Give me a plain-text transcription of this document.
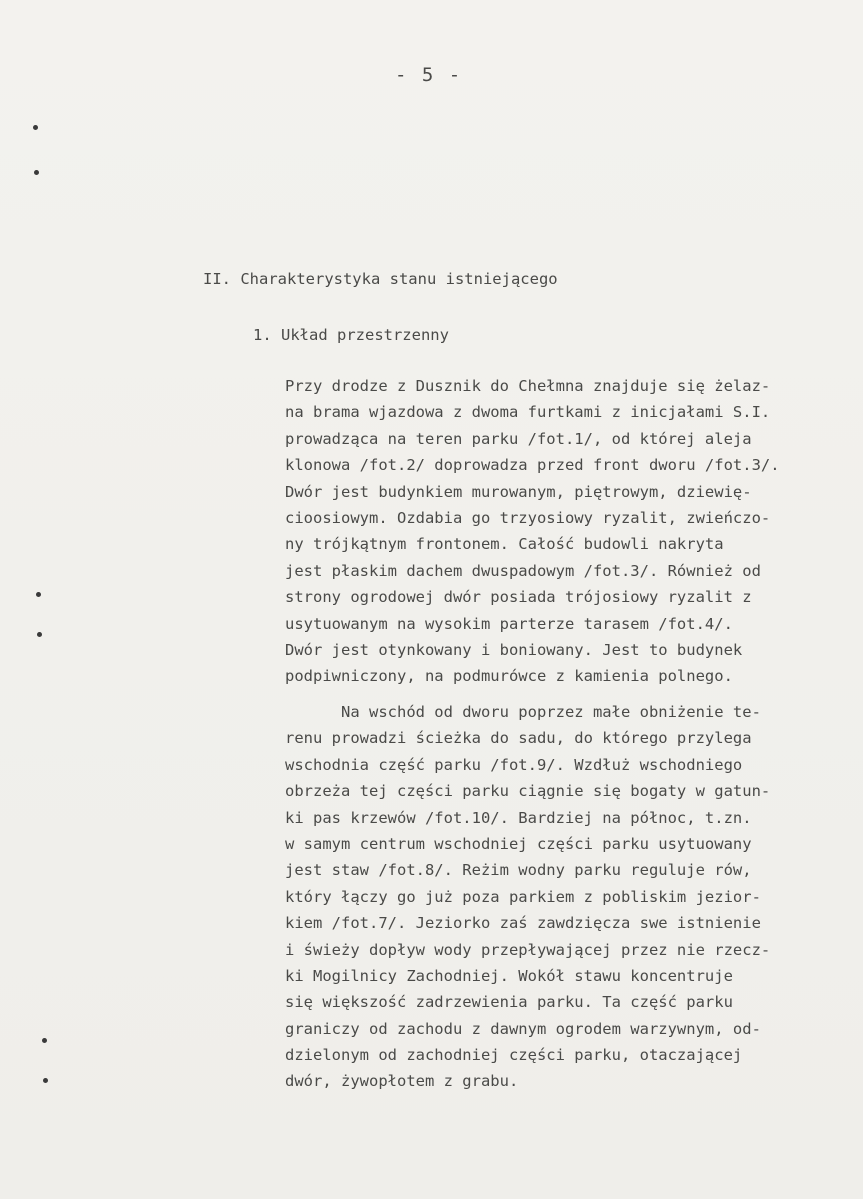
- 5 -
II. Charakterystyka stanu istniejącego
1. Układ przestrzenny
Przy drodze z Dusznik do Chełmna znajduje się żelaz-
na brama wjazdowa z dwoma furtkami z inicjałami S.I.
prowadząca na teren parku /fot.1/, od której aleja
klonowa /fot.2/ doprowadza przed front dworu /fot.3/.
Dwór jest budynkiem murowanym, piętrowym, dziewię-
cioosiowym. Ozdabia go trzyosiowy ryzalit, zwieńczo-
ny trójkątnym frontonem. Całość budowli nakryta
jest płaskim dachem dwuspadowym /fot.3/. Również od
strony ogrodowej dwór posiada trójosiowy ryzalit z
usytuowanym na wysokim parterze tarasem /fot.4/.
Dwór jest otynkowany i boniowany. Jest to budynek
podpiwniczony, na podmurówce z kamienia polnego.
Na wschód od dworu poprzez małe obniżenie te-
renu prowadzi ścieżka do sadu, do którego przylega
wschodnia część parku /fot.9/. Wzdłuż wschodniego
obrzeża tej części parku ciągnie się bogaty w gatun-
ki pas krzewów /fot.10/. Bardziej na północ, t.zn.
w samym centrum wschodniej części parku usytuowany
jest staw /fot.8/. Reżim wodny parku reguluje rów,
który łączy go już poza parkiem z pobliskim jezior-
kiem /fot.7/. Jeziorko zaś zawdzięcza swe istnienie
i świeży dopływ wody przepływającej przez nie rzecz-
ki Mogilnicy Zachodniej. Wokół stawu koncentruje
się większość zadrzewienia parku. Ta część parku
graniczy od zachodu z dawnym ogrodem warzywnym, od-
dzielonym od zachodniej części parku, otaczającej
dwór, żywopłotem z grabu.
